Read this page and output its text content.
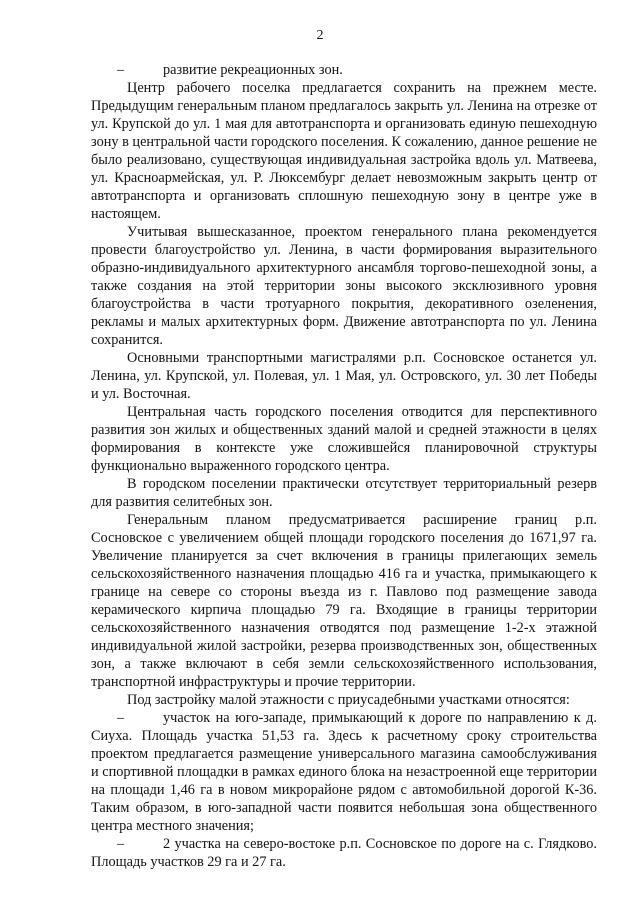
2

–	развитие рекреационных зон.

Центр рабочего поселка предлагается сохранить на прежнем месте. Предыдущим генеральным планом предлагалось закрыть ул. Ленина на отрезке от ул. Крупской до ул. 1 мая для автотранспорта и организовать единую пешеходную зону в центральной части городского поселения. К сожалению, данное решение не было реализовано, существующая индивидуальная застройка вдоль ул. Матвеева, ул. Красноармейская, ул. Р. Люксембург делает невозможным закрыть центр от автотранспорта и организовать сплошную пешеходную зону в центре уже в настоящем.

Учитывая вышесказанное, проектом генерального плана рекомендуется провести благоустройство ул. Ленина, в части формирования выразительного образно-индивидуального архитектурного ансамбля торгово-пешеходной зоны, а также создания на этой территории зоны высокого эксклюзивного уровня благоустройства в части тротуарного покрытия, декоративного озеленения, рекламы и малых архитектурных форм. Движение автотранспорта по ул. Ленина сохранится.

Основными транспортными магистралями р.п. Сосновское останется ул. Ленина, ул. Крупской, ул. Полевая, ул. 1 Мая, ул. Островского, ул. 30 лет Победы и ул. Восточная.

Центральная часть городского поселения отводится для перспективного развития зон жилых и общественных зданий малой и средней этажности в целях формирования в контексте уже сложившейся планировочной структуры функционально выраженного городского центра.

В городском поселении практически отсутствует территориальный резерв для развития селитебных зон.

Генеральным планом предусматривается расширение границ р.п. Сосновское с увеличением общей площади городского поселения до 1671,97 га. Увеличение планируется за счет включения в границы прилегающих земель сельскохозяйственного назначения площадью 416 га и участка, примыкающего к границе на севере со стороны въезда из г. Павлово под размещение завода керамического кирпича площадью 79 га. Входящие в границы территории сельскохозяйственного назначения отводятся под размещение 1-2-х этажной индивидуальной жилой застройки, резерва производственных зон, общественных зон, а также включают в себя земли сельскохозяйственного использования, транспортной инфраструктуры и прочие территории.

Под застройку малой этажности с приусадебными участками относятся:

–	участок на юго-западе, примыкающий к дороге по направлению к д. Сиуха. Площадь участка 51,53 га. Здесь к расчетному сроку строительства проектом предлагается размещение универсального магазина самообслуживания и спортивной площадки в рамках единого блока на незастроенной еще территории на площади 1,46 га в новом микрорайоне рядом с автомобильной дорогой К-36. Таким образом, в юго-западной части появится небольшая зона общественного центра местного значения;

–	2 участка на северо-востоке р.п. Сосновское по дороге на с. Глядково. Площадь участков 29 га и 27 га.
